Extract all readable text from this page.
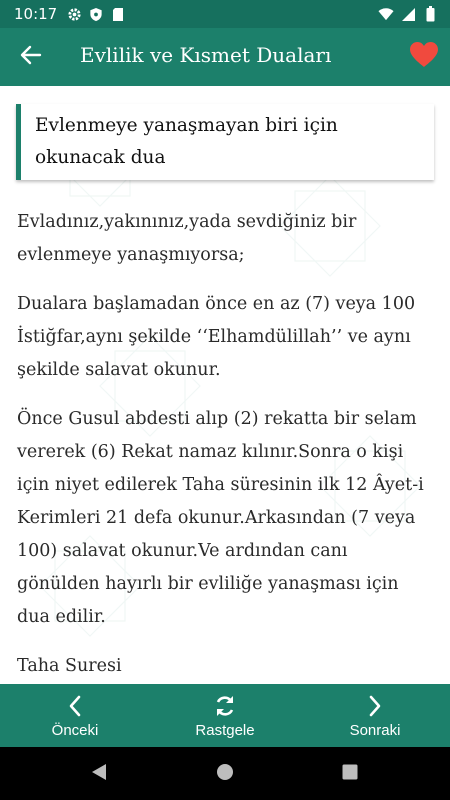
10:17
Evlilik ve Kısmet Duaları
Evlenmeye yanaşmayan biri için okunacak dua

Evladınız,yakınınız,yada sevdiğiniz bir evlenmeye yanaşmıyorsa;

Dualara başlamadan önce en az (7) veya 100 İstiğfar,aynı şekilde ‘‘Elhamdülillah’’ ve aynı şekilde salavat okunur.

Önce Gusul abdesti alıp (2) rekatta bir selam vererek (6) Rekat namaz kılınır.Sonra o kişi için niyet edilerek Taha süresinin ilk 12 Âyet-i Kerimleri 21 defa okunur.Arkasından (7 veya 100) salavat okunur.Ve ardından canı gönülden hayırlı bir evliliğe yanaşması için dua edilir.

Taha Suresi

Önceki	Rastgele	Sonraki
